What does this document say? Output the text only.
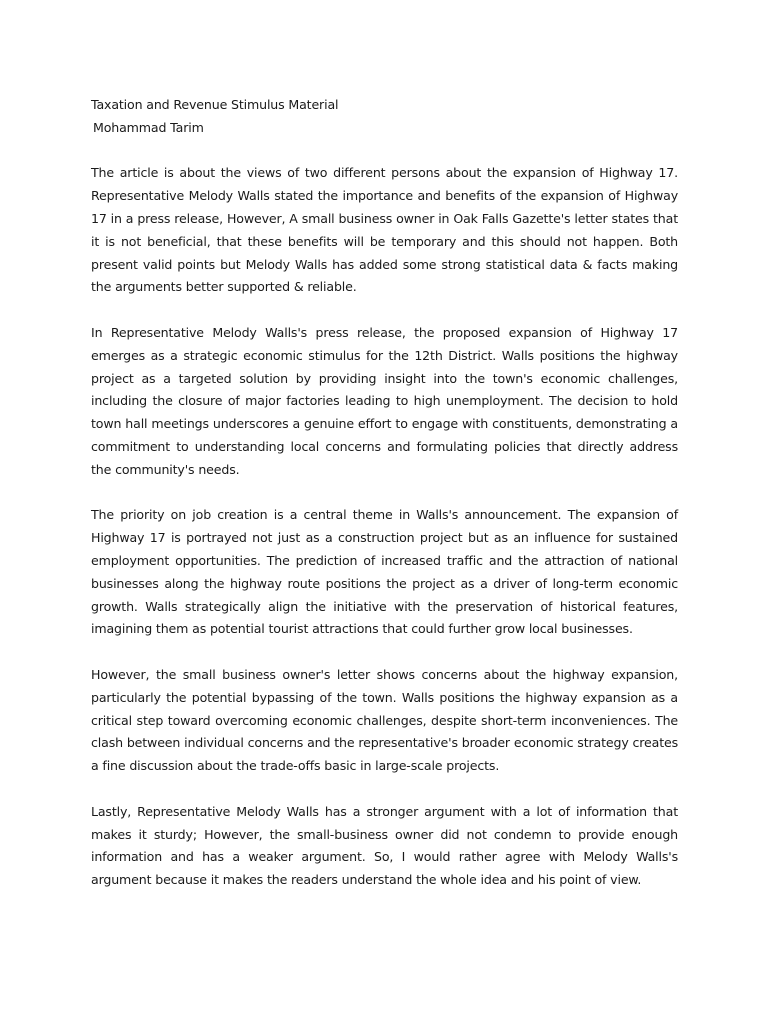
Taxation and Revenue Stimulus Material

Mohammad Tarim

The article is about the views of two different persons about the expansion of Highway 17. Representative Melody Walls stated the importance and benefits of the expansion of Highway 17 in a press release, However, A small business owner in Oak Falls Gazette's letter states that it is not beneficial, that these benefits will be temporary and this should not happen. Both present valid points but Melody Walls has added some strong statistical data & facts making the arguments better supported & reliable.

In Representative Melody Walls's press release, the proposed expansion of Highway 17 emerges as a strategic economic stimulus for the 12th District. Walls positions the highway project as a targeted solution by providing insight into the town's economic challenges, including the closure of major factories leading to high unemployment. The decision to hold town hall meetings underscores a genuine effort to engage with constituents, demonstrating a commitment to understanding local concerns and formulating policies that directly address the community's needs.

The priority on job creation is a central theme in Walls's announcement. The expansion of Highway 17 is portrayed not just as a construction project but as an influence for sustained employment opportunities. The prediction of increased traffic and the attraction of national businesses along the highway route positions the project as a driver of long-term economic growth. Walls strategically align the initiative with the preservation of historical features, imagining them as potential tourist attractions that could further grow local businesses.

However, the small business owner's letter shows concerns about the highway expansion, particularly the potential bypassing of the town. Walls positions the highway expansion as a critical step toward overcoming economic challenges, despite short-term inconveniences. The clash between individual concerns and the representative's broader economic strategy creates a fine discussion about the trade-offs basic in large-scale projects.

Lastly, Representative Melody Walls has a stronger argument with a lot of information that makes it sturdy; However, the small-business owner did not condemn to provide enough information and has a weaker argument. So, I would rather agree with Melody Walls's argument because it makes the readers understand the whole idea and his point of view.
